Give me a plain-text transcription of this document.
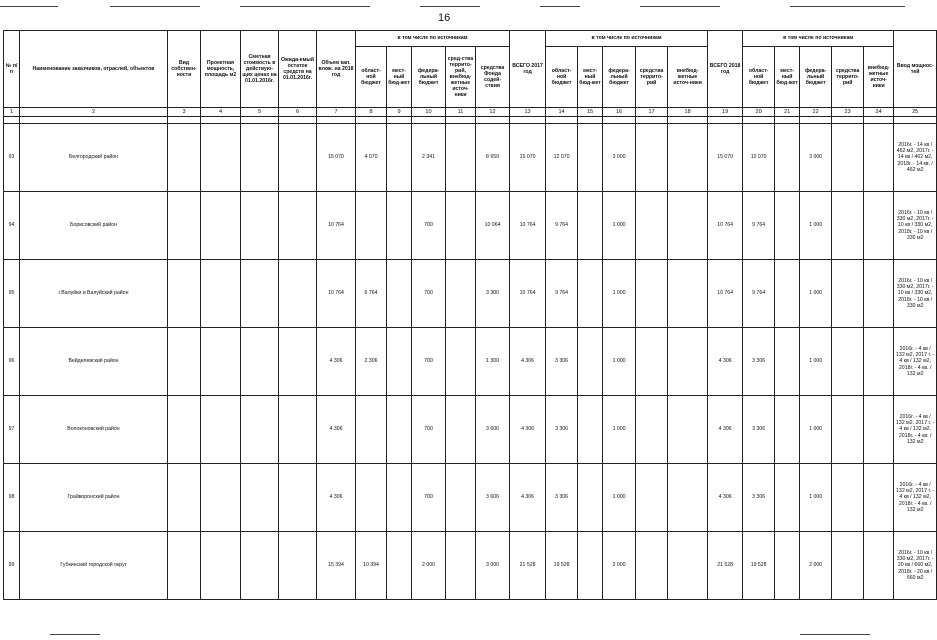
16
№ п/п	Наименование заказчиков, отраслей, объектов	Вид собствен-ности	Проектная мощность, площадь м2	Сметная стоимость в действую-щих ценах на 01.01.2016г.	Ожида-емый остаток средств на 01.01.2016г.	Объем кап. влож. на 2018 год	в том числе по источникам					ВСЕГО 2017 год	в том числе по источникам					ВСЕГО 2018 год	в том числе по источникам					Ввод мощнос-тей
							област-ной бюджет	мест-ный бюд-жет	федера-льный бюджет	сред-ства террито-рий, внебюд-жетные источ-ники	средства Фонда содей-ствия		област-ной бюджет	мест-ный бюд-жет	федера-льный бюджет	средства террито-рий	внебюд-жетные источ-ники		област-ной бюджет	мест-ный бюд-жет	федера-льный бюджет	средства террито-рий	внебюд-жетные источ-ники	
1	2	3	4	5	6	7	8	9	10	11	12	13	14	15	16	17	18	19	20	21	22	23	24	25

93	Белгородский район					15 070	4 070		2 341		8 659	15 070	12 070		3 000			15 070	12 070		3 000			2016г. - 14 кв / 462 м2, 2017г. - 14 кв / 462 м2, 2018г. - 14 кв. / 462 м2
94	Борисовский район					10 764			700		10 064	10 764	9 764		1 000			10 764	9 764		1 000			2016г. - 10 кв / 330 м2, 2017г. - 10 кв / 330 м2, 2018г. - 10 кв / 330 м2
95	г.Валуйки и Валуйский район					10 764	6 764		700		3 300	10 764	9 764		1 000			10 764	9 764		1 000			2016г. - 10 кв / 330 м2, 2017г. - 10 кв / 330 м2, 2018г. - 10 кв / 330 м2
96	Вейделевский район					4 306	2 306		700		1 300	4 306	3 306		1 000			4 306	3 306		1 000			2016г. - 4 кв / 132 м2, 2017 г. - 4 кв / 132 м2, 2018г. - 4 кв. / 132 м2
97	Волоконовский район					4 306			700		3 606	4 306	3 306		1 000			4 306	3 306		1 000			2016г. - 4 кв / 132 м2, 2017 г. - 4 кв / 132 м2, 2018г. - 4 кв. / 132 м2
98	Грайворонский район					4 306			700		3 606	4 306	3 306		1 000			4 306	3 306		1 000			2016г. - 4 кв / 132 м2, 2017 г. - 4 кв / 132 м2, 2018г. - 4 кв. / 132 м2
99	Губкинский городской округ					15 394	10 394		2 000		3 000	21 528	19 528		2 000			21 528	19 528		2 000			2016г. - 10 кв / 330 м2, 2017г. - 20 кв / 660 м2, 2018г. - 20 кв / 660 м2
